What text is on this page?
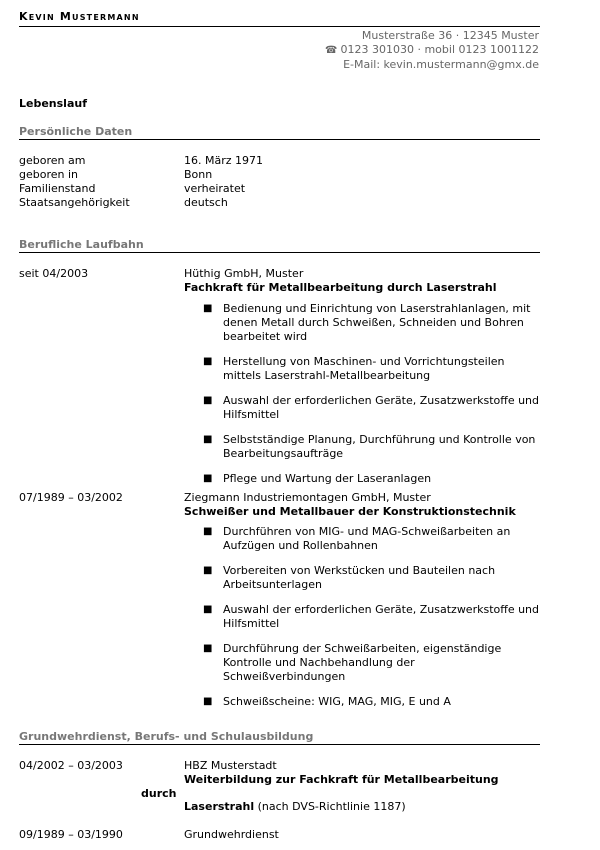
Kevin Mustermann
Musterstraße 36 · 12345 Muster
☎ 0123 301030 · mobil 0123 1001122
E-Mail: kevin.mustermann@gmx.de
Lebenslauf
Persönliche Daten
geboren am	16. März 1971
geboren in	Bonn
Familienstand	verheiratet
Staatsangehörigkeit	deutsch
Berufliche Laufbahn
seit 04/2003	Hüthig GmbH, Muster
Fachkraft für Metallbearbeitung durch Laserstrahl
■ Bedienung und Einrichtung von Laserstrahlanlagen, mit denen Metall durch Schweißen, Schneiden und Bohren bearbeitet wird
■ Herstellung von Maschinen- und Vorrichtungsteilen mittels Laserstrahl-Metallbearbeitung
■ Auswahl der erforderlichen Geräte, Zusatzwerkstoffe und Hilfsmittel
■ Selbstständige Planung, Durchführung und Kontrolle von Bearbeitungsaufträge
■ Pflege und Wartung der Laseranlagen
07/1989 – 03/2002	Ziegmann Industriemontagen GmbH, Muster
Schweißer und Metallbauer der Konstruktionstechnik
■ Durchführen von MIG- und MAG-Schweißarbeiten an Aufzügen und Rollenbahnen
■ Vorbereiten von Werkstücken und Bauteilen nach Arbeitsunterlagen
■ Auswahl der erforderlichen Geräte, Zusatzwerkstoffe und Hilfsmittel
■ Durchführung der Schweißarbeiten, eigenständige Kontrolle und Nachbehandlung der Schweißverbindungen
■ Schweißscheine: WIG, MAG, MIG, E und A
Grundwehrdienst, Berufs- und Schulausbildung
04/2002 – 03/2003	HBZ Musterstadt
Weiterbildung zur Fachkraft für Metallbearbeitung
durch
Laserstrahl (nach DVS-Richtlinie 1187)
09/1989 – 03/1990	Grundwehrdienst
